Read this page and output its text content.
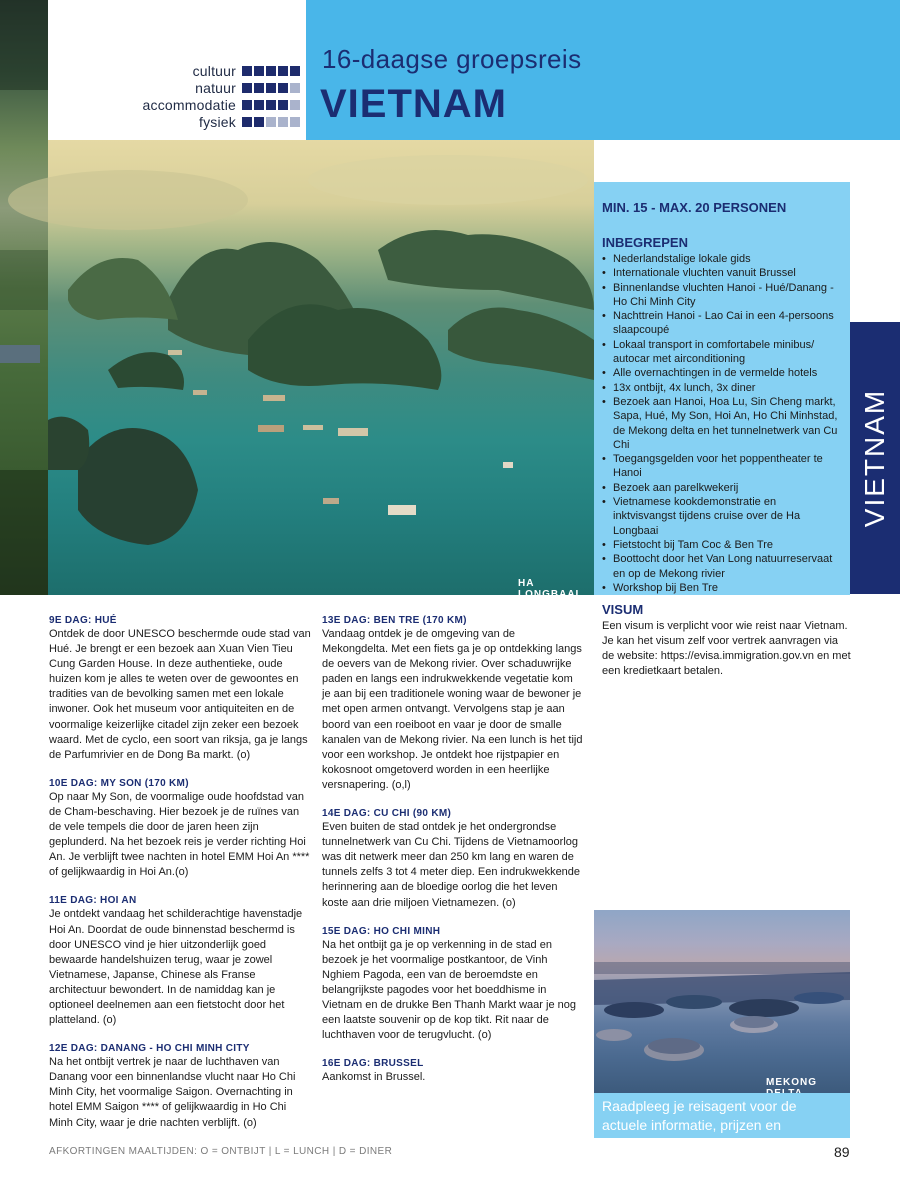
cultuur
natuur
accommodatie
fysiek
16-daagse groepsreis
VIETNAM
HA LONGBAAI
MIN. 15 - MAX. 20 PERSONEN
INBEGREPEN
• Nederlandstalige lokale gids
• Internationale vluchten vanuit Brussel
• Binnenlandse vluchten Hanoi - Hué/Danang - Ho Chi Minh City
• Nachttrein Hanoi - Lao Cai in een 4-persoons slaapcoupé
• Lokaal transport in comfortabele minibus/ autocar met airconditioning
• Alle overnachtingen in de vermelde hotels
• 13x ontbijt, 4x lunch, 3x diner
• Bezoek aan Hanoi, Hoa Lu, Sin Cheng markt, Sapa, Hué, My Son, Hoi An, Ho Chi Minhstad, de Mekong delta en het tunnelnetwerk van Cu Chi
• Toegangsgelden voor het poppentheater te Hanoi
• Bezoek aan parelkwekerij
• Vietnamese kookdemonstratie en inktvisvangst tijdens cruise over de Ha Longbaai
• Fietstocht bij Tam Coc & Ben Tre
• Boottocht door het Van Long natuurreservaat en op de Mekong rivier
• Workshop bij Ben Tre
VIETNAM
VISUM

Een visum is verplicht voor wie reist naar Vietnam. Je kan het visum zelf voor vertrek aanvragen via de website: https://evisa.immigration.gov.vn en met een kredietkaart betalen.

9E DAG: HUÉ

Ontdek de door UNESCO beschermde oude stad van Hué. Je brengt er een bezoek aan Xuan Vien Tieu Cung Garden House. In deze authentieke, oude huizen kom je alles te weten over de gewoontes en tradities van de bevolking samen met een lokale inwoner. Ook het museum voor antiquiteiten en de voormalige keizerlijke citadel zijn zeker een bezoek waard. Met de cyclo, een soort van riksja, ga je langs de Parfumrivier en de Dong Ba markt. (o)

10E DAG: MY SON (170 KM)

Op naar My Son, de voormalige oude hoofdstad van de Cham-beschaving. Hier bezoek je de ruïnes van de vele tempels die door de jaren heen zijn geplunderd. Na het bezoek reis je verder richting Hoi An. Je verblijft twee nachten in hotel EMM Hoi An **** of gelijkwaardig in Hoi An.(o)

11E DAG: HOI AN

Je ontdekt vandaag het schilderachtige havenstadje Hoi An. Doordat de oude binnenstad beschermd is door UNESCO vind je hier uitzonderlijk goed bewaarde handelshuizen terug, waar je zowel Vietnamese, Japanse, Chinese als Franse architectuur bewondert. In de namiddag kan je optioneel deelnemen aan een fietstocht door het platteland. (o)

12E DAG: DANANG - HO CHI MINH CITY

Na het ontbijt vertrek je naar de luchthaven van Danang voor een binnenlandse vlucht naar Ho Chi Minh City, het voormalige Saigon. Overnachting in hotel EMM Saigon **** of gelijkwaardig in Ho Chi Minh City, waar je drie nachten verblijft. (o)

13E DAG: BEN TRE (170 KM)

Vandaag ontdek je de omgeving van de Mekongdelta. Met een fiets ga je op ontdekking langs de oevers van de Mekong rivier. Over schaduwrijke paden en langs een indrukwekkende vegetatie kom je aan bij een traditionele woning waar de bewoner je met open armen ontvangt. Vervolgens stap je aan boord van een roeiboot en vaar je door de smalle kanalen van de Mekong rivier. Na een lunch is het tijd voor een workshop. Je ontdekt hoe rijstpapier en kokosnoot omgetoverd worden in een heerlijke versnapering. (o,l)

14E DAG: CU CHI (90 KM)

Even buiten de stad ontdek je het ondergrondse tunnelnetwerk van Cu Chi. Tijdens de Vietnamoorlog was dit netwerk meer dan 250 km lang en waren de tunnels zelfs 3 tot 4 meter diep. Een indrukwekkende herinnering aan de bloedige oorlog die het leven koste aan drie miljoen Vietnamezen. (o)

15E DAG: HO CHI MINH

Na het ontbijt ga je op verkenning in de stad en bezoek je het voormalige postkantoor, de Vinh Nghiem Pagoda, een van de beroemdste en belangrijkste pagodes voor het boeddhisme in Vietnam en de drukke Ben Thanh Markt waar je nog een laatste souvenir op de kop tikt. Rit naar de luchthaven voor de terugvlucht. (o)

16E DAG: BRUSSEL

Aankomst in Brussel.	MEKONG

Raadpleeg je reisagent voor de actuele informatie, prijzen en vertrekdata.

AFKORTINGEN MAALTIJDEN: O = ONTBIJT | L = LUNCH | D = DINER	89
